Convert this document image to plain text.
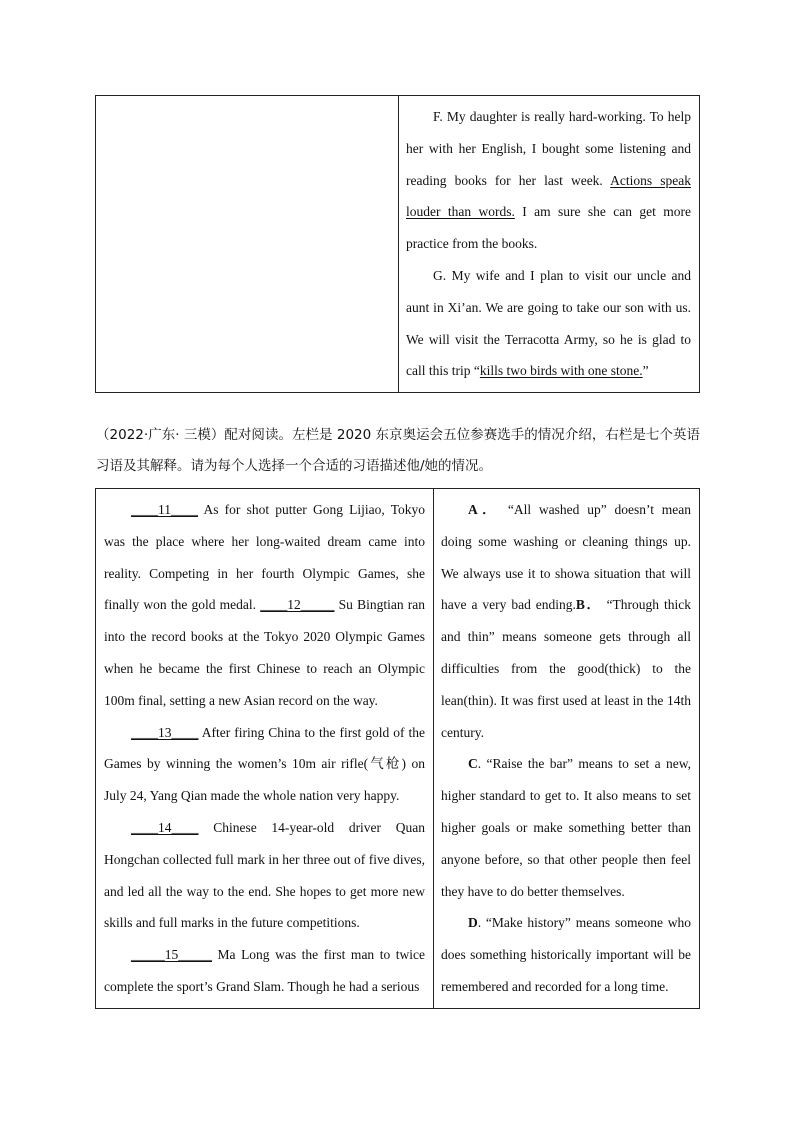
F. My daughter is really hard-working. To help her with her English, I bought some listening and reading books for her last week. Actions speak louder than words. I am sure she can get more practice from the books.

G. My wife and I plan to visit our uncle and aunt in Xi’an. We are going to take our son with us. We will visit the Terracotta Army, so he is glad to call this trip “kills two birds with one stone.”

（2022·广东· 三模）配对阅读。左栏是 2020 东京奥运会五位参赛选手的情况介绍，右栏是七个英语习语及其解释。请为每个人选择一个合适的习语描述他/她的情况。

____11____ As for shot putter Gong Lijiao, Tokyo was the place where her long-waited dream came into reality. Competing in her fourth Olympic Games, she finally won the gold medal. ____12_____ Su Bingtian ran into the record books at the Tokyo 2020 Olympic Games when he became the first Chinese to reach an Olympic 100m final, setting a new Asian record on the way.

____13____ After firing China to the first gold of the Games by winning the women’s 10m air rifle(气枪) on July 24, Yang Qian made the whole nation very happy.

____14____ Chinese 14-year-old driver Quan Hongchan collected full mark in her three out of five dives, and led all the way to the end. She hopes to get more new skills and full marks in the future competitions.

_____15_____ Ma Long was the first man to twice complete the sport’s Grand Slam. Though he had a serious

A． “All washed up” doesn’t mean doing some washing or cleaning things up. We always use it to showa situation that will have a very bad ending.B． “Through thick and thin” means someone gets through all difficulties from the good(thick) to the lean(thin). It was first used at least in the 14th century.

C. “Raise the bar” means to set a new, higher standard to get to. It also means to set higher goals or make something better than anyone before, so that other people then feel they have to do better themselves.

D. “Make history” means someone who does something historically important will be remembered and recorded for a long time.
